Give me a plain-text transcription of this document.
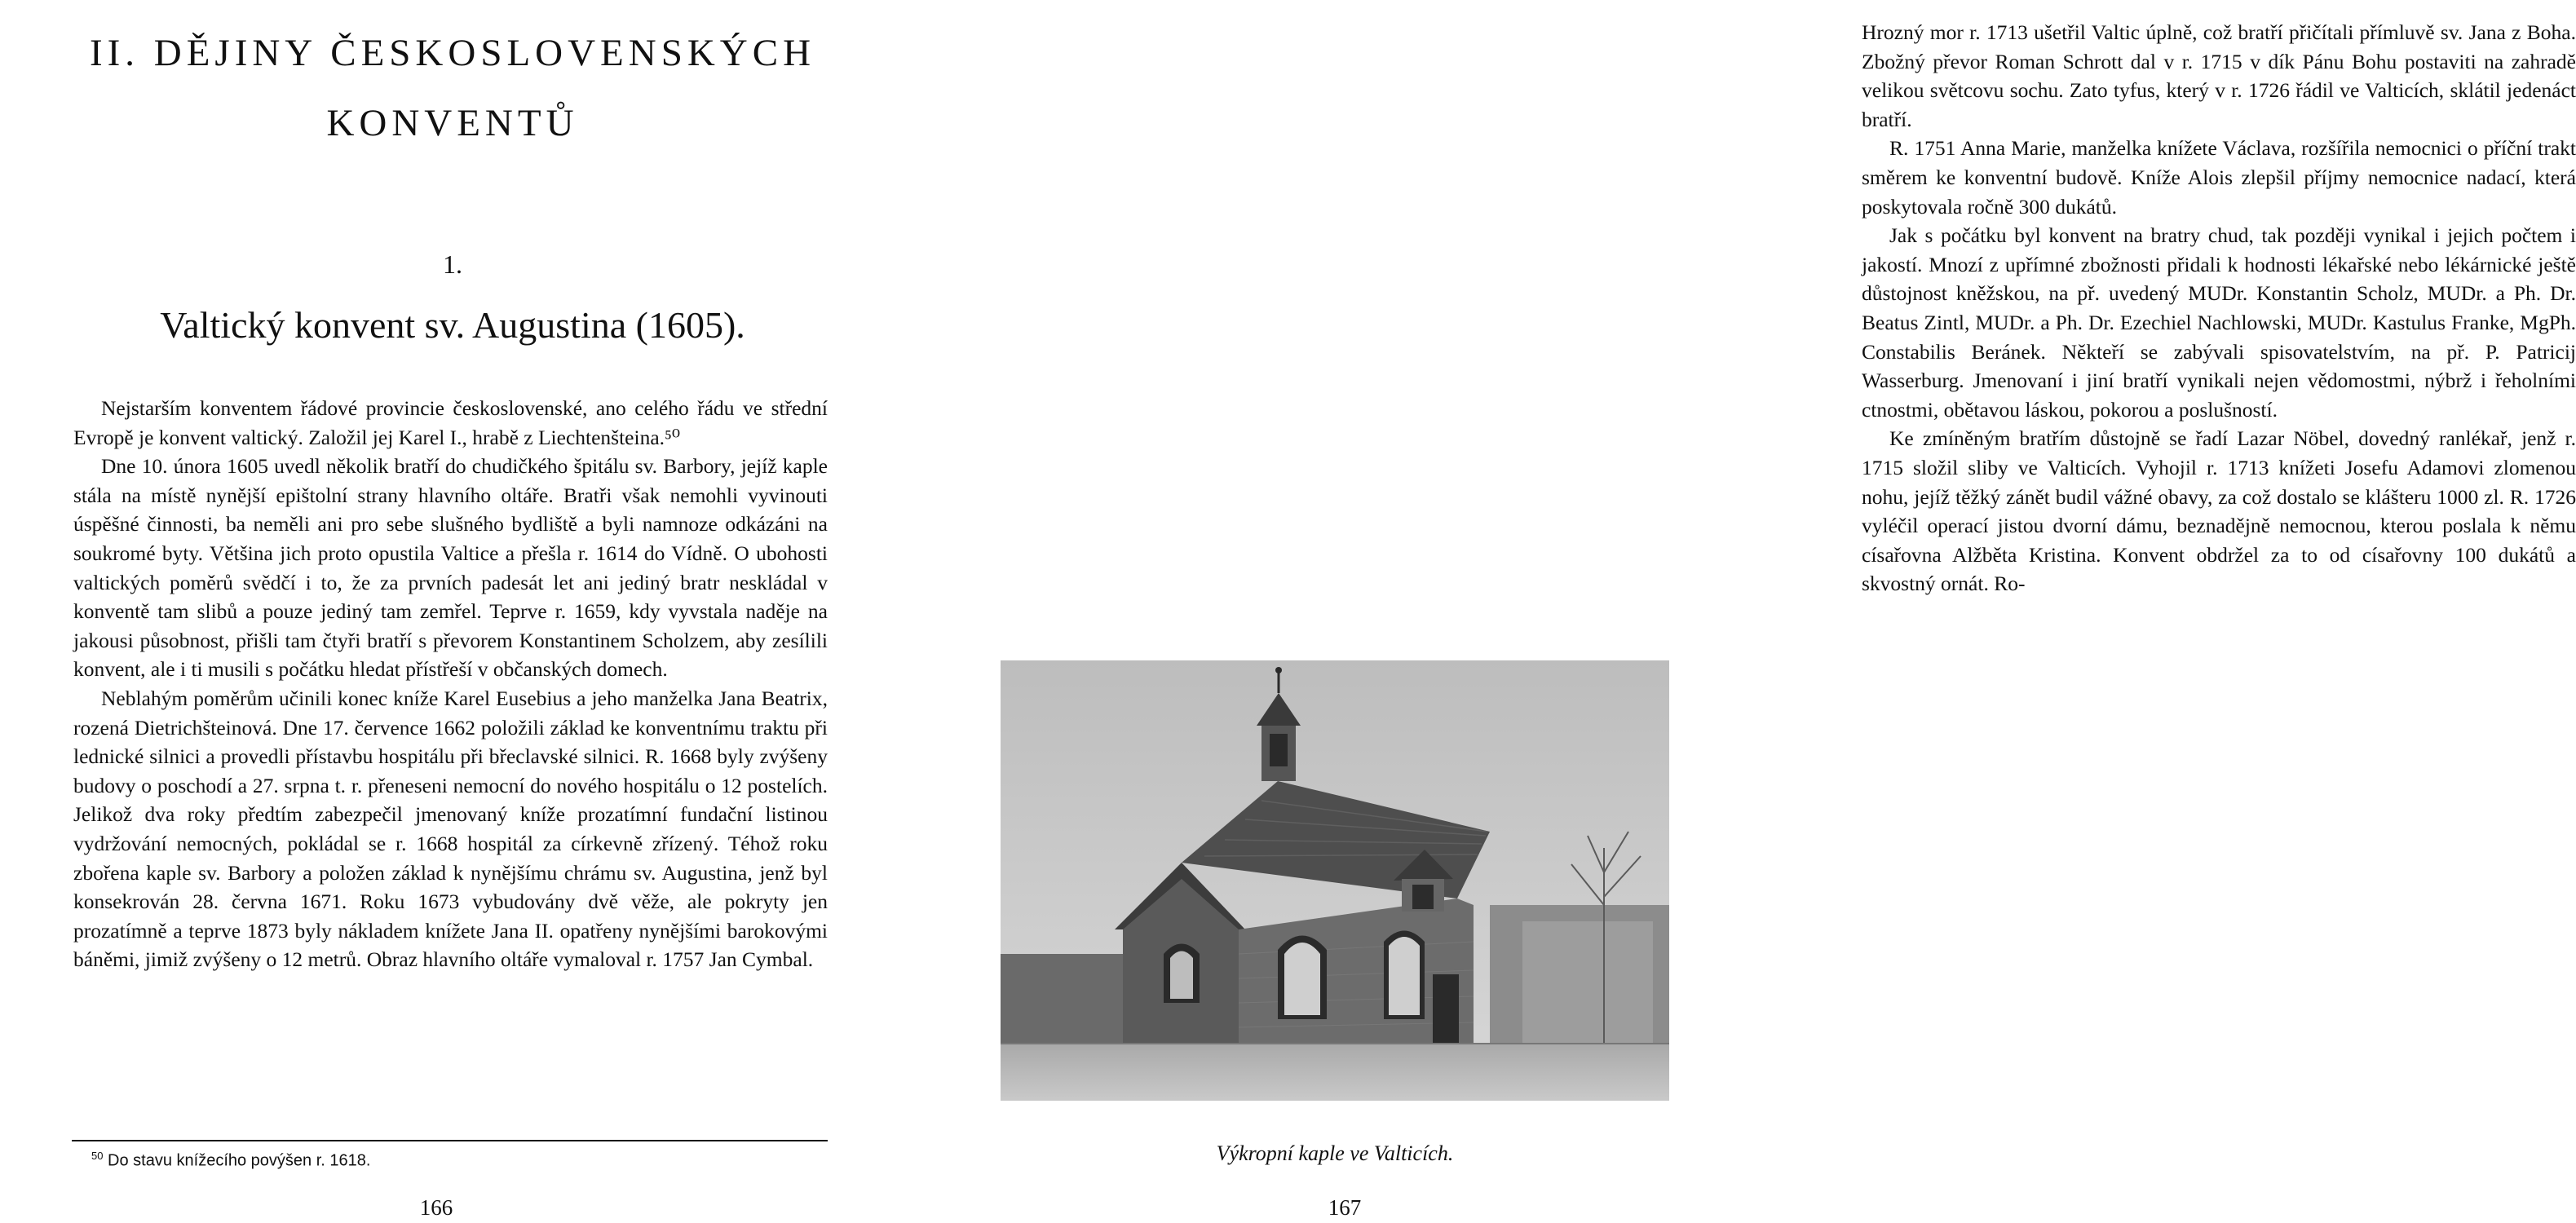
II. DĚJINY ČESKOSLOVENSKÝCH
KONVENTŮ
1.
Valtický konvent sv. Augustina (1605).

Nejstarším konventem řádové provincie československé, ano celého řádu ve střední Evropě je konvent valtický. Založil jej Karel I., hrabě z Liechtenšteina.⁵⁰

Dne 10. února 1605 uvedl několik bratří do chudičkého špitálu sv. Barbory, jejíž kaple stála na místě nynější epištolní strany hlavního oltáře. Bratři však nemohli vyvinouti úspěšné činnosti, ba neměli ani pro sebe slušného bydliště a byli namnoze odkázáni na soukromé byty. Většina jich proto opustila Valtice a přešla r. 1614 do Vídně. O ubohosti valtických poměrů svědčí i to, že za prvních padesát let ani jediný bratr neskládal v konventě tam slibů a pouze jediný tam zemřel. Teprve r. 1659, kdy vyvstala naděje na jakousi působnost, přišli tam čtyři bratří s převorem Konstantinem Scholzem, aby zesílili konvent, ale i ti musili s počátku hledat přístřeší v občanských domech.

Neblahým poměrům učinili konec kníže Karel Eusebius a jeho manželka Jana Beatrix, rozená Dietrichšteinová. Dne 17. července 1662 položili základ ke konventnímu traktu při lednické silnici a provedli přístavbu hospitálu při břeclavské silnici. R. 1668 byly zvýšeny budovy o poschodí a 27. srpna t. r. přeneseni nemocní do nového hospitálu o 12 postelích. Jelikož dva roky předtím zabezpečil jmenovaný kníže prozatímní fundační listinou vydržování nemocných, pokládal se r. 1668 hospitál za církevně zřízený. Téhož roku zbořena kaple sv. Barbory a položen základ k nynějšímu chrámu sv. Augustina, jenž byl konsekrován 28. června 1671. Roku 1673 vybudovány dvě věže, ale pokryty jen prozatímně a teprve 1873 byly nákladem knížete Jana II. opatřeny nynějšími barokovými báněmi, jimiž zvýšeny o 12 metrů. Obraz hlavního oltáře vymaloval r. 1757 Jan Cymbal.

$^{50}$ Do stavu knížecího povýšen r. 1618.

166

Hrozný mor r. 1713 ušetřil Valtic úplně, což bratří přičítali přímluvě sv. Jana z Boha. Zbožný převor Roman Schrott dal v r. 1715 v dík Pánu Bohu postaviti na zahradě velikou světcovu sochu. Zato tyfus, který v r. 1726 řádil ve Valticích, sklátil jedenáct bratří.

R. 1751 Anna Marie, manželka knížete Václava, rozšířila nemocnici o příční trakt směrem ke konventní budově. Kníže Alois zlepšil příjmy nemocnice nadací, která poskytovala ročně 300 dukátů.

Jak s počátku byl konvent na bratry chud, tak později vynikal i jejich počtem i jakostí. Mnozí z upřímné zbožnosti přidali k hodnosti lékařské nebo lékárnické ještě důstojnost kněžskou, na př. uvedený MUDr. Konstantin Scholz, MUDr. a Ph. Dr. Beatus Zintl, MUDr. a Ph. Dr. Ezechiel Nachlowski, MUDr. Kastulus Franke, MgPh. Constabilis Beránek. Někteří se zabývali spisovatelstvím, na př. P. Patricij Wasserburg. Jmenovaní i jiní bratří vynikali nejen vědomostmi, nýbrž i řeholními ctnostmi, obětavou láskou, pokorou a poslušností.

Ke zmíněným bratřím důstojně se řadí Lazar Nöbel, dovedný ranlékař, jenž r. 1715 složil sliby ve Valticích. Vyhojil r. 1713 knížeti Josefu Adamovi zlomenou nohu, jejíž těžký zánět budil vážné obavy, za což dostalo se klášteru 1000 zl. R. 1726 vyléčil operací jistou dvorní dámu, beznadějně nemocnou, kterou poslala k němu císařovna Alžběta Kristina. Konvent obdržel za to od císařovny 100 dukátů a skvostný ornát. Ro-

Výkropní kaple ve Valticích.

167
